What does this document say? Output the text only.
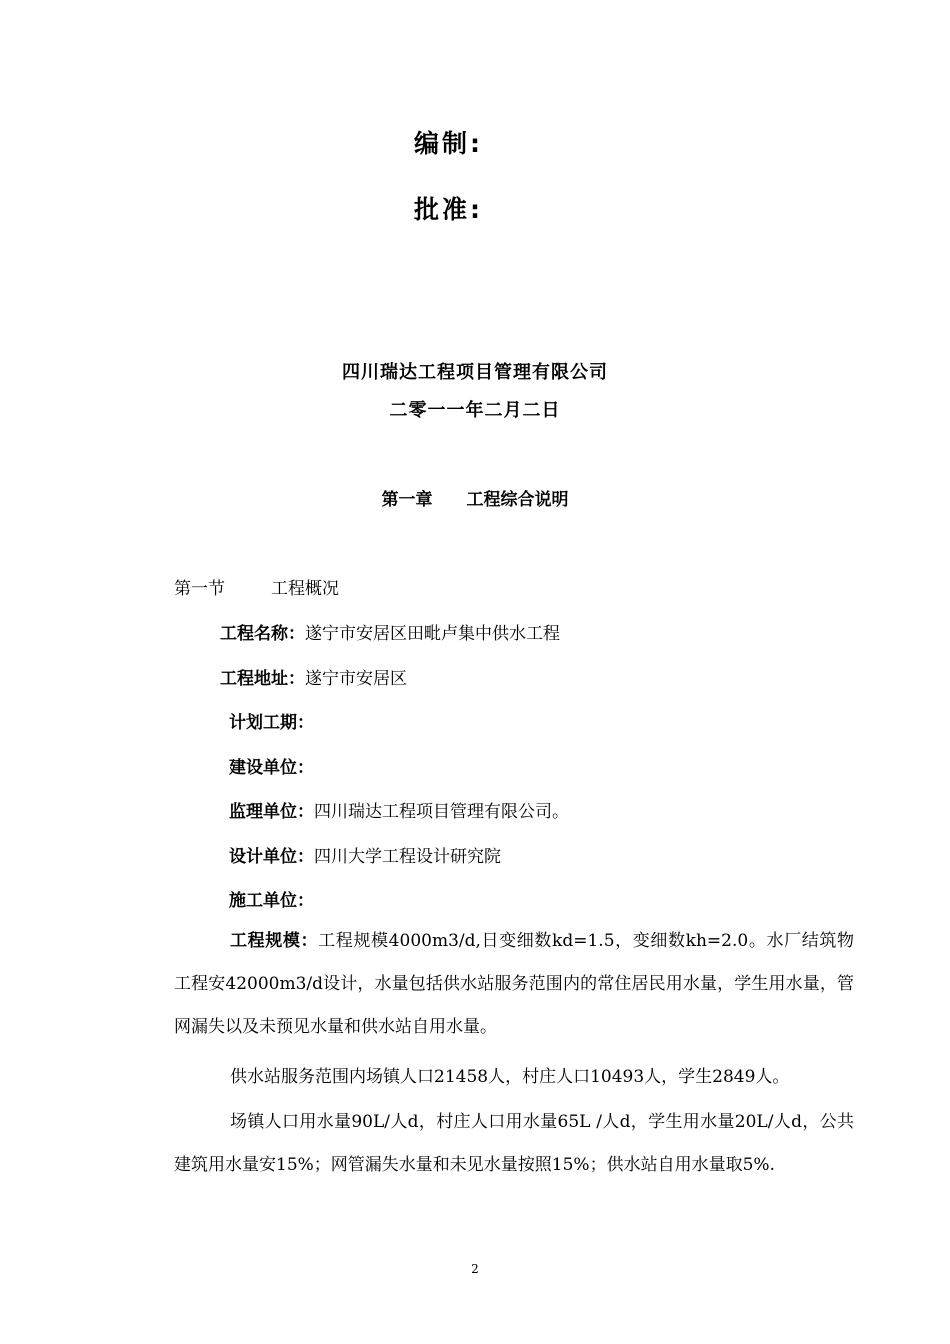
编制:
批准:
四川瑞达工程项目管理有限公司
二零一一年二月二日
第一章 工程综合说明
第一节	工程概况
工程名称：遂宁市安居区田毗卢集中供水工程
工程地址：遂宁市安居区
计划工期：
建设单位：
监理单位：四川瑞达工程项目管理有限公司。
设计单位：四川大学工程设计研究院
施工单位：
工程规模：工程规模4000m3/d,日变细数kd=1.5，变细数kh=2.0。水厂结筑物工程安42000m3/d设计，水量包括供水站服务范围内的常住居民用水量，学生用水量，管网漏失以及未预见水量和供水站自用水量。
供水站服务范围内场镇人口21458人，村庄人口10493人，学生2849人。
场镇人口用水量90L/人d，村庄人口用水量65L /人d，学生用水量20L/人d，公共建筑用水量安15%；网管漏失水量和未见水量按照15%；供水站自用水量取5%.
2
